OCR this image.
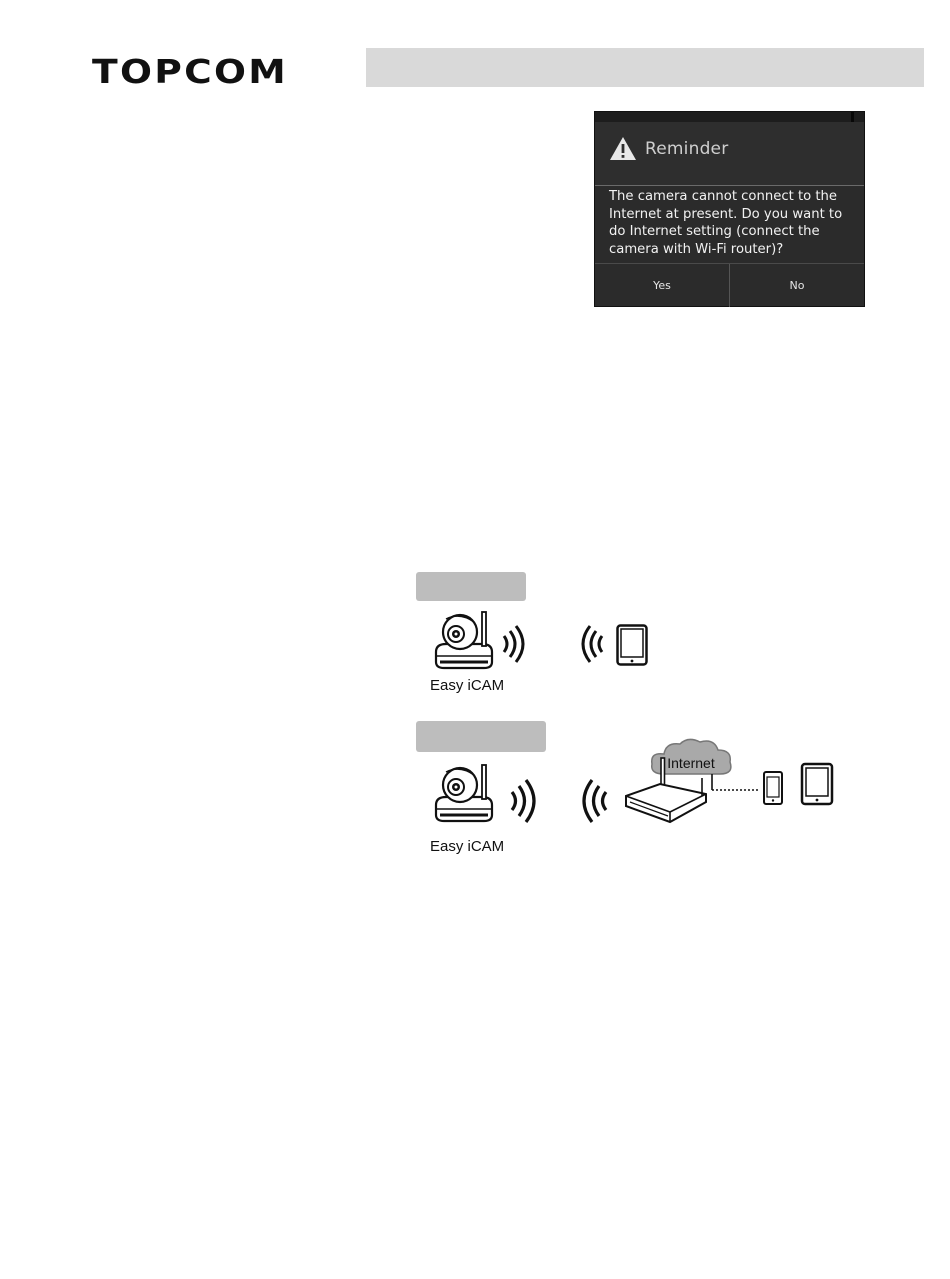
TOPCOM
Reminder
The camera cannot connect to the Internet at present. Do you want to do Internet setting (connect the camera with Wi-Fi router)?
Yes	No
Easy iCAM
Easy iCAM
Internet
